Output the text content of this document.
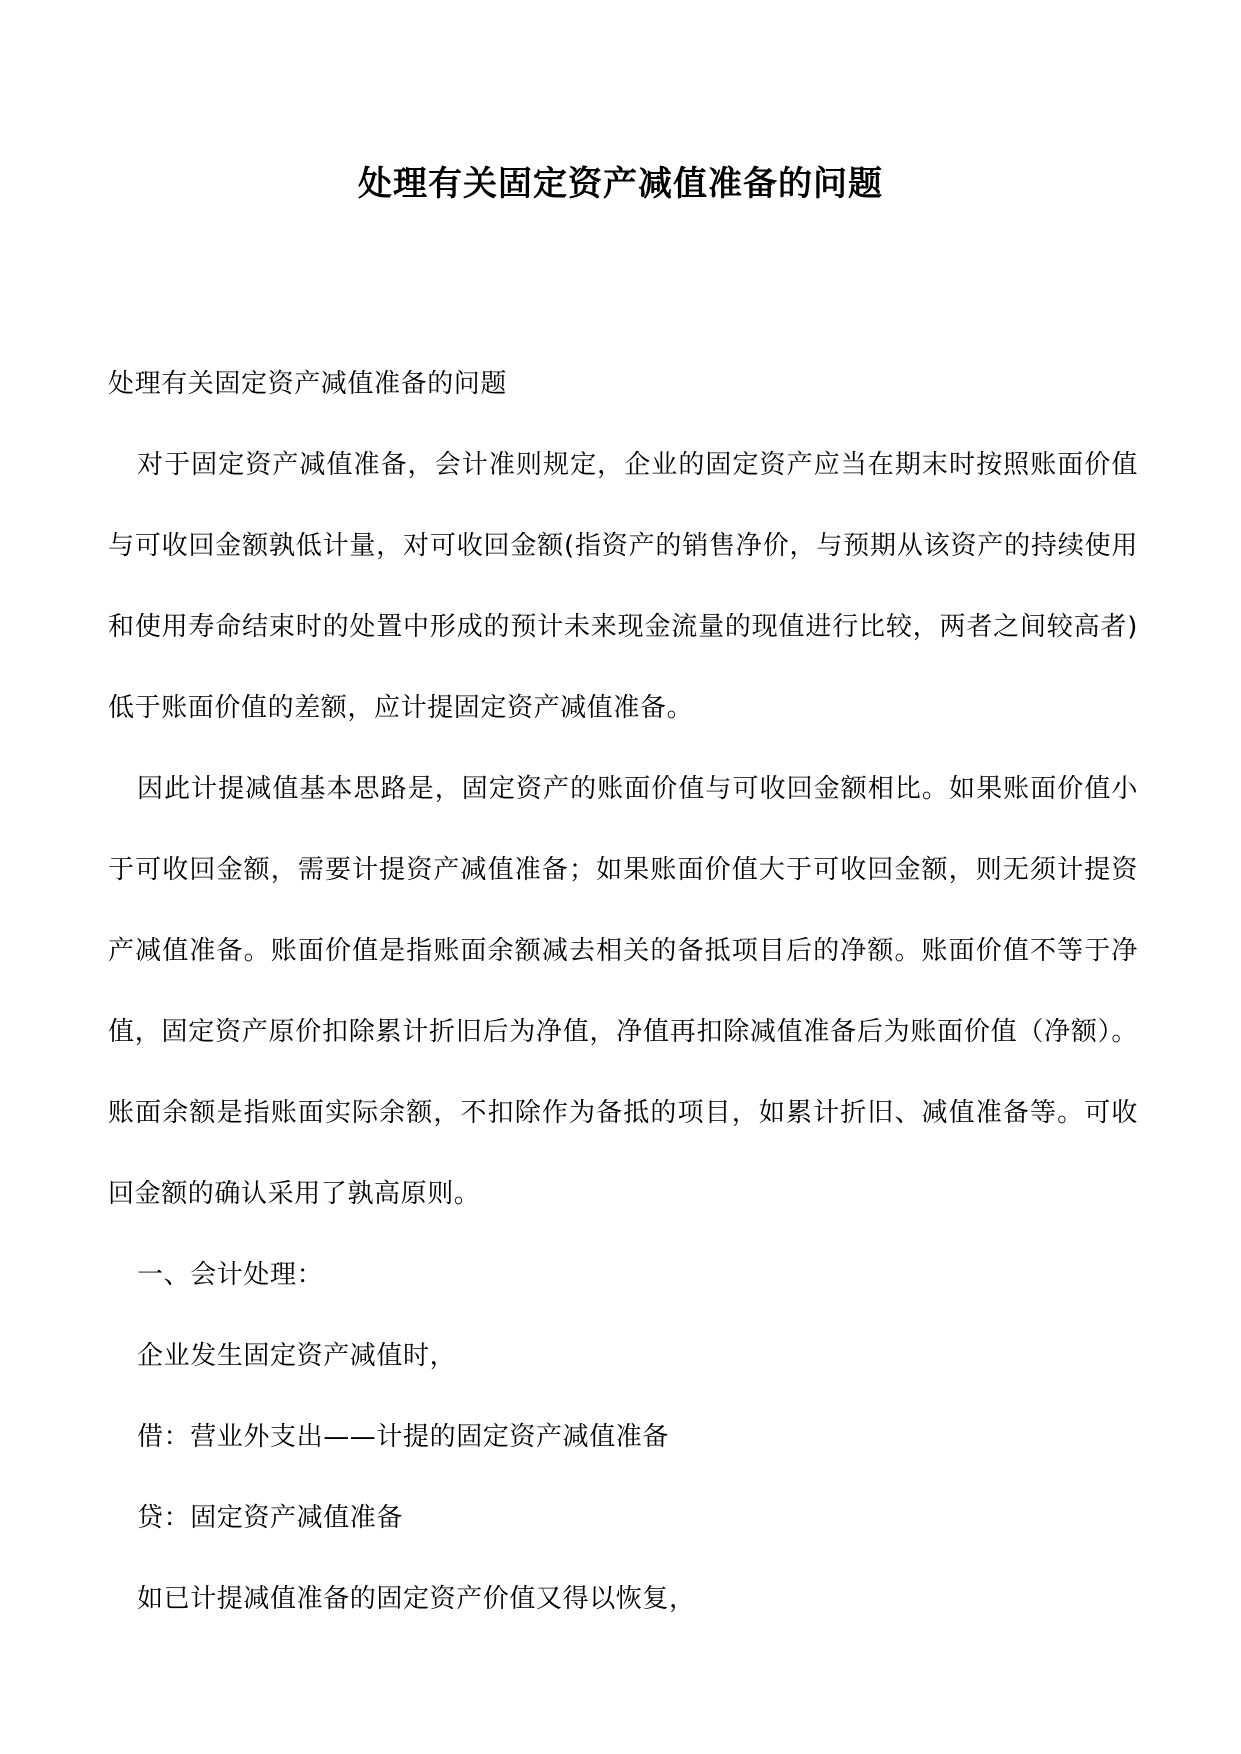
处理有关固定资产减值准备的问题

处理有关固定资产减值准备的问题

对于固定资产减值准备，会计准则规定，企业的固定资产应当在期末时按照账面价值与可收回金额孰低计量，对可收回金额(指资产的销售净价，与预期从该资产的持续使用和使用寿命结束时的处置中形成的预计未来现金流量的现值进行比较，两者之间较高者)低于账面价值的差额，应计提固定资产减值准备。

因此计提减值基本思路是，固定资产的账面价值与可收回金额相比。如果账面价值小于可收回金额，需要计提资产减值准备；如果账面价值大于可收回金额，则无须计提资产减值准备。账面价值是指账面余额减去相关的备抵项目后的净额。账面价值不等于净值，固定资产原价扣除累计折旧后为净值，净值再扣除减值准备后为账面价值（净额）。账面余额是指账面实际余额，不扣除作为备抵的项目，如累计折旧、减值准备等。可收回金额的确认采用了孰高原则。

一、会计处理：

企业发生固定资产减值时，

借：营业外支出——计提的固定资产减值准备

贷：固定资产减值准备

如已计提减值准备的固定资产价值又得以恢复，
